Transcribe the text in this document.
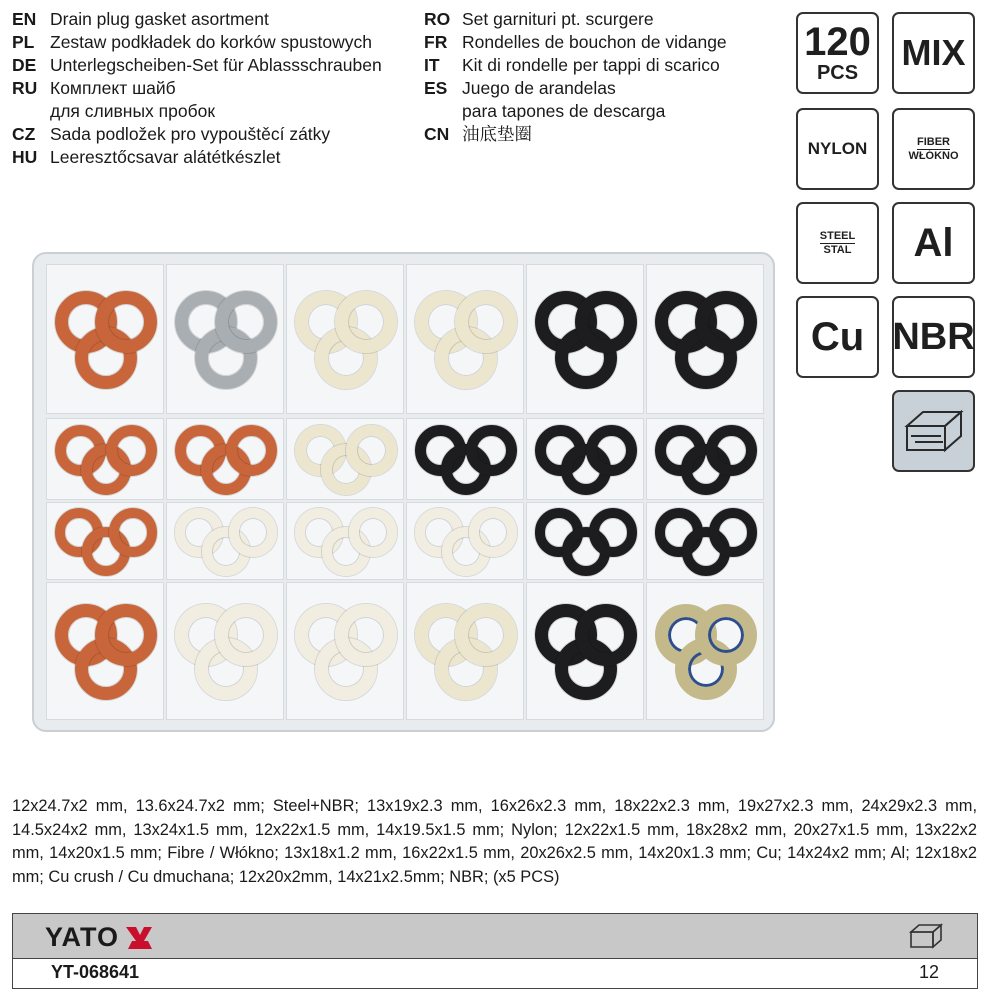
EN Drain plug gasket asortment
PL Zestaw podkładek do korków spustowych
DE Unterlegscheiben-Set für Ablassschrauben
RU Комплект шайб
для сливных пробок
CZ Sada podložek pro vypouštěcí zátky
HU Leeresztőcsavar alátétkészlet
RO Set garnituri pt. scurgere
FR Rondelles de bouchon de vidange
IT	Kit di rondelle per tappi di scarico
ES Juego de arandelas
para tapones de descarga
CN 油底垫圈
120
PCS MIX
NYLON	FIBER
WŁÓKNO
STEEL
STAL Al
Cu NBR
12x24.7x2 mm, 13.6x24.7x2 mm; Steel+NBR; 13x19x2.3 mm, 16x26x2.3 mm, 18x22x2.3 mm, 19x27x2.3 mm, 24x29x2.3 mm, 14.5x24x2 mm, 13x24x1.5 mm, 12x22x1.5 mm, 14x19.5x1.5 mm; Nylon; 12x22x1.5 mm, 18x28x2 mm, 20x27x1.5 mm, 13x22x2 mm, 14x20x1.5 mm; Fibre / Włókno; 13x18x1.2 mm, 16x22x1.5 mm, 20x26x2.5 mm, 14x20x1.3 mm; Cu; 14x24x2 mm; Al; 12x18x2 mm; Cu crush / Cu dmuchana; 12x20x2mm, 14x21x2.5mm; NBR; (x5 PCS)
YATO
YT-068641	12
